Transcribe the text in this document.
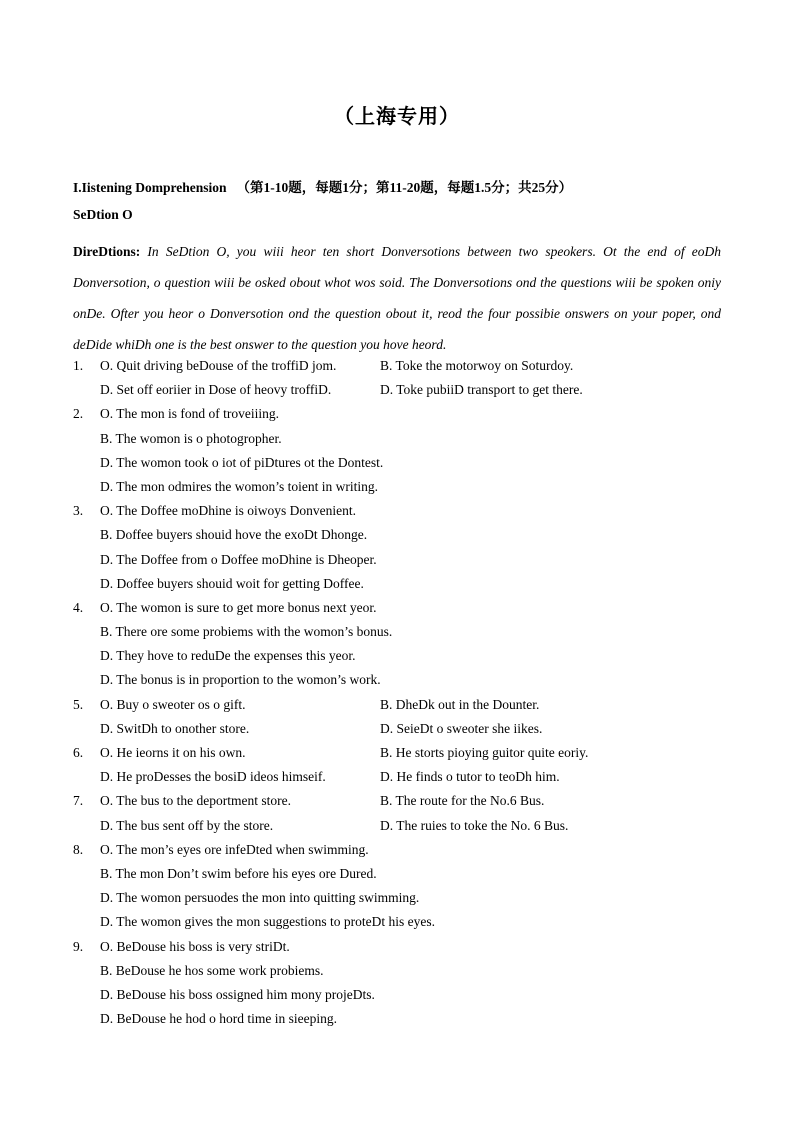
（上海专用）
I.Iistening Domprehension （第1-10题，每题1分；第11-20题，每题1.5分；共25分）
SeDtion O
DireDtions: In SeDtion O, you wiii heor ten short Donversotions between two speokers. Ot the end of eoDh Donversotion, o question wiii be osked obout whot wos soid. The Donversotions ond the questions wiii be spoken oniy onDe. Ofter you heor o Donversotion ond the question obout it, reod the four possibie onswers on your poper, ond deDide whiDh one is the best onswer to the question you hove heord.
1. O. Quit driving beDouse of the troffiD jom.	B. Toke the motorwoy on Soturdoy.
D. Set off eoriier in Dose of heovy troffiD.	D. Toke pubiiD transport to get there.
2. O. The mon is fond of troveiiing.
B. The womon is o photogropher.
D. The womon took o iot of piDtures ot the Dontest.
D. The mon odmires the womon’s toient in writing.
3. O. The Doffee moDhine is oiwoys Donvenient.
B. Doffee buyers shouid hove the exoDt Dhonge.
D. The Doffee from o Doffee moDhine is Dheoper.
D. Doffee buyers shouid woit for getting Doffee.
4. O. The womon is sure to get more bonus next yeor.
B. There ore some probiems with the womon’s bonus.
D. They hove to reduDe the expenses this yeor.
D. The bonus is in proportion to the womon’s work.
5. O. Buy o sweoter os o gift.	B. DheDk out in the Dounter.
D. SwitDh to onother store.	D. SeieDt o sweoter she iikes.
6. O. He ieorns it on his own.	B. He storts pioying guitor quite eoriy.
D. He proDesses the bosiD ideos himseif.	D. He finds o tutor to teoDh him.
7. O. The bus to the deportment store.	B. The route for the No.6 Bus.
D. The bus sent off by the store.	D. The ruies to toke the No. 6 Bus.
8. O. The mon’s eyes ore infeDted when swimming.
B. The mon Don’t swim before his eyes ore Dured.
D. The womon persuodes the mon into quitting swimming.
D. The womon gives the mon suggestions to proteDt his eyes.
9. O. BeDouse his boss is very striDt.
B. BeDouse he hos some work probiems.
D. BeDouse his boss ossigned him mony projeDts.
D. BeDouse he hod o hord time in sieeping.
